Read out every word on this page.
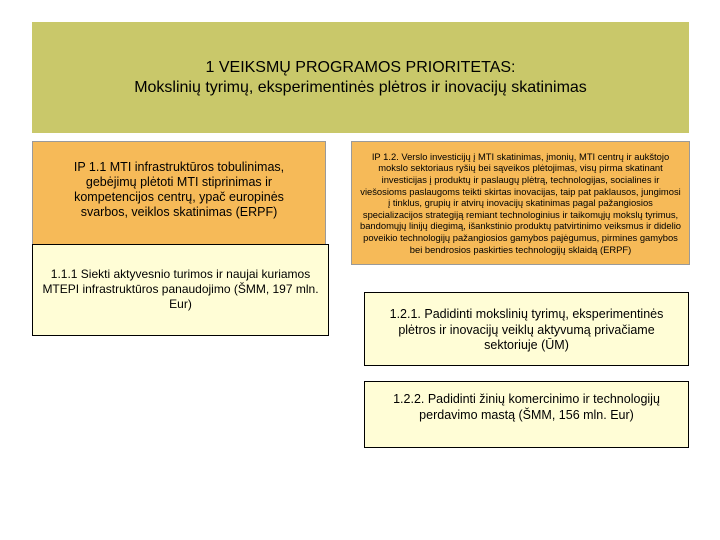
1 VEIKSMŲ PROGRAMOS PRIORITETAS:
Mokslinių tyrimų, eksperimentinės plėtros ir inovacijų skatinimas
IP 1.1 MTI infrastruktūros tobulinimas, gebėjimų plėtoti MTI stiprinimas ir kompetencijos centrų, ypač europinės svarbos, veiklos skatinimas (ERPF)
IP 1.2. Verslo investicijų į MTI skatinimas, įmonių, MTI centrų ir aukštojo mokslo sektoriaus ryšių bei sąveikos plėtojimas, visų pirma skatinant investicijas į produktų ir paslaugų plėtrą, technologijas, socialines ir viešosioms paslaugoms teikti skirtas inovacijas, taip pat paklausos, jungimosi į tinklus, grupių ir atvirų inovacijų skatinimas pagal pažangiosios specializacijos strategiją remiant technologinius ir taikomųjų mokslų tyrimus, bandomųjų linijų diegimą, išankstinio produktų patvirtinimo veiksmus ir didelio poveikio technologijų pažangiosios gamybos pajėgumus, pirmines gamybos bei bendrosios paskirties technologijų sklaidą (ERPF)
1.1.1 Siekti aktyvesnio turimos ir naujai kuriamos MTEPI infrastruktūros panaudojimo (ŠMM, 197 mln. Eur)
1.2.1. Padidinti mokslinių tyrimų, eksperimentinės plėtros ir inovacijų veiklų aktyvumą privačiame sektoriuje (ŪM)
1.2.2. Padidinti žinių komercinimo ir technologijų perdavimo mastą (ŠMM, 156 mln. Eur)
